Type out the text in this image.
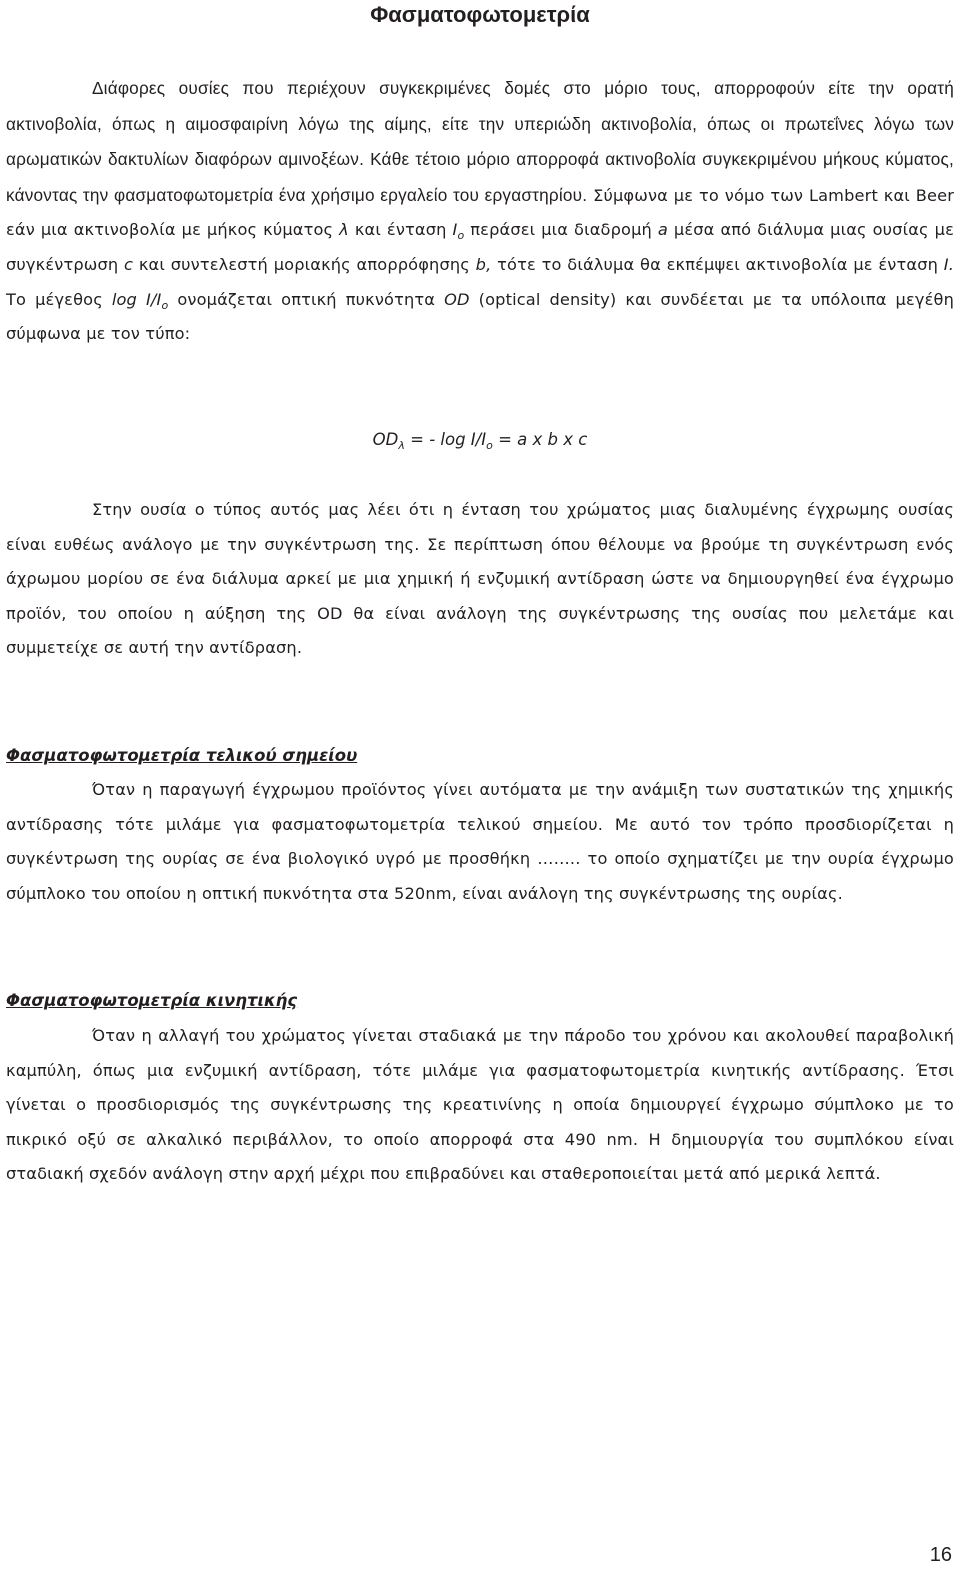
Φασματοφωτομετρία

Διάφορες ουσίες που περιέχουν συγκεκριμένες δομές στο μόριο τους, απορροφούν είτε την ορατή ακτινοβολία, όπως η αιμοσφαιρίνη λόγω της αίμης, είτε την υπεριώδη ακτινοβολία, όπως οι πρωτεΐνες λόγω των αρωματικών δακτυλίων διαφόρων αμινοξέων. Κάθε τέτοιο μόριο απορροφά ακτινοβολία συγκεκριμένου μήκους κύματος, κάνοντας την φασματοφωτομετρία ένα χρήσιμο εργαλείο του εργαστηρίου. Σύμφωνα με το νόμο των Lambert και Beer εάν μια ακτινοβολία με μήκος κύματος λ και ένταση $I_o$ περάσει μια διαδρομή a μέσα από διάλυμα μιας ουσίας με συγκέντρωση c και συντελεστή μοριακής απορρόφησης b, τότε το διάλυμα θα εκπέμψει ακτινοβολία με ένταση I. Το μέγεθος $\log I/I_o$ ονομάζεται οπτική πυκνότητα OD (optical density) και συνδέεται με τα υπόλοιπα μεγέθη σύμφωνα με τον τύπο:

$OD_\lambda$ = - $\log I/I_o = a$ x b x c

Στην ουσία ο τύπος αυτός μας λέει ότι η ένταση του χρώματος μιας διαλυμένης έγχρωμης ουσίας είναι ευθέως ανάλογο με την συγκέντρωση της. Σε περίπτωση όπου θέλουμε να βρούμε τη συγκέντρωση ενός άχρωμου μορίου σε ένα διάλυμα αρκεί με μια χημική ή ενζυμική αντίδραση ώστε να δημιουργηθεί ένα έγχρωμο προϊόν, του οποίου η αύξηση της OD θα είναι ανάλογη της συγκέντρωσης της ουσίας που μελετάμε και συμμετείχε σε αυτή την αντίδραση.

Φασματοφωτομετρία τελικού σημείου

Όταν η παραγωγή έγχρωμου προϊόντος γίνει αυτόματα με την ανάμιξη των συστατικών της χημικής αντίδρασης τότε μιλάμε για φασματοφωτομετρία τελικού σημείου. Με αυτό τον τρόπο προσδιορίζεται η συγκέντρωση της ουρίας σε ένα βιολογικό υγρό με προσθήκη …….. το οποίο σχηματίζει με την ουρία έγχρωμο σύμπλοκο του οποίου η οπτική πυκνότητα στα 520nm, είναι ανάλογη της συγκέντρωσης της ουρίας.

Φασματοφωτομετρία κινητικής

Όταν η αλλαγή του χρώματος γίνεται σταδιακά με την πάροδο του χρόνου και ακολουθεί παραβολική καμπύλη, όπως μια ενζυμική αντίδραση, τότε μιλάμε για φασματοφωτομετρία κινητικής αντίδρασης. Έτσι γίνεται ο προσδιορισμός της συγκέντρωσης της κρεατινίνης η οποία δημιουργεί έγχρωμο σύμπλοκο με το πικρικό οξύ σε αλκαλικό περιβάλλον, το οποίο απορροφά στα 490 nm. Η δημιουργία του συμπλόκου είναι σταδιακή σχεδόν ανάλογη στην αρχή μέχρι που επιβραδύνει και σταθεροποιείται μετά από μερικά λεπτά.

16
